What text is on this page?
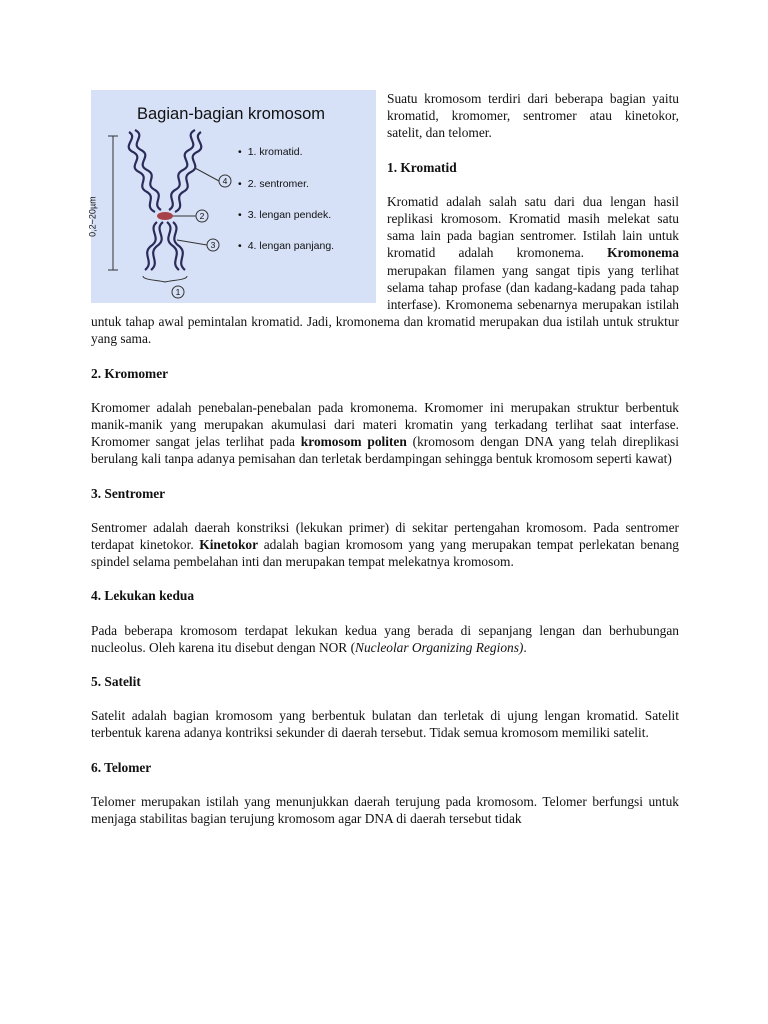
Bagian-bagian kromosom
• 1. kromatid.
• 2. sentromer.
• 3. lengan pendek.
• 4. lengan panjang.
0,2~20µm
4
2
3
1

Suatu kromosom terdiri dari beberapa bagian yaitu kromatid, kromomer, sentromer atau kinetokor, satelit, dan telomer.

1. Kromatid

Kromatid adalah salah satu dari dua lengan hasil replikasi kromosom. Kromatid masih melekat satu sama lain pada bagian sentromer. Istilah lain untuk kromatid adalah kromonema. Kromonema merupakan filamen yang sangat tipis yang terlihat selama tahap profase (dan kadang-kadang pada tahap interfase). Kromonema sebenarnya merupakan istilah untuk tahap awal pemintalan kromatid. Jadi, kromonema dan kromatid merupakan dua istilah untuk struktur yang sama.

2. Kromomer

Kromomer adalah penebalan-penebalan pada kromonema. Kromomer ini merupakan struktur berbentuk manik-manik yang merupakan akumulasi dari materi kromatin yang terkadang terlihat saat interfase. Kromomer sangat jelas terlihat pada kromosom politen (kromosom dengan DNA yang telah direplikasi berulang kali tanpa adanya pemisahan dan terletak berdampingan sehingga bentuk kromosom seperti kawat)

3. Sentromer

Sentromer adalah daerah konstriksi (lekukan primer) di sekitar pertengahan kromosom. Pada sentromer terdapat kinetokor. Kinetokor adalah bagian kromosom yang yang merupakan tempat perlekatan benang spindel selama pembelahan inti dan merupakan tempat melekatnya kromosom.

4. Lekukan kedua

Pada beberapa kromosom terdapat lekukan kedua yang berada di sepanjang lengan dan berhubungan nucleolus. Oleh karena itu disebut dengan NOR (Nucleolar Organizing Regions).

5. Satelit

Satelit adalah bagian kromosom yang berbentuk bulatan dan terletak di ujung lengan kromatid. Satelit terbentuk karena adanya kontriksi sekunder di daerah tersebut. Tidak semua kromosom memiliki satelit.

6. Telomer

Telomer merupakan istilah yang menunjukkan daerah terujung pada kromosom. Telomer berfungsi untuk menjaga stabilitas bagian terujung kromosom agar DNA di daerah tersebut tidak
